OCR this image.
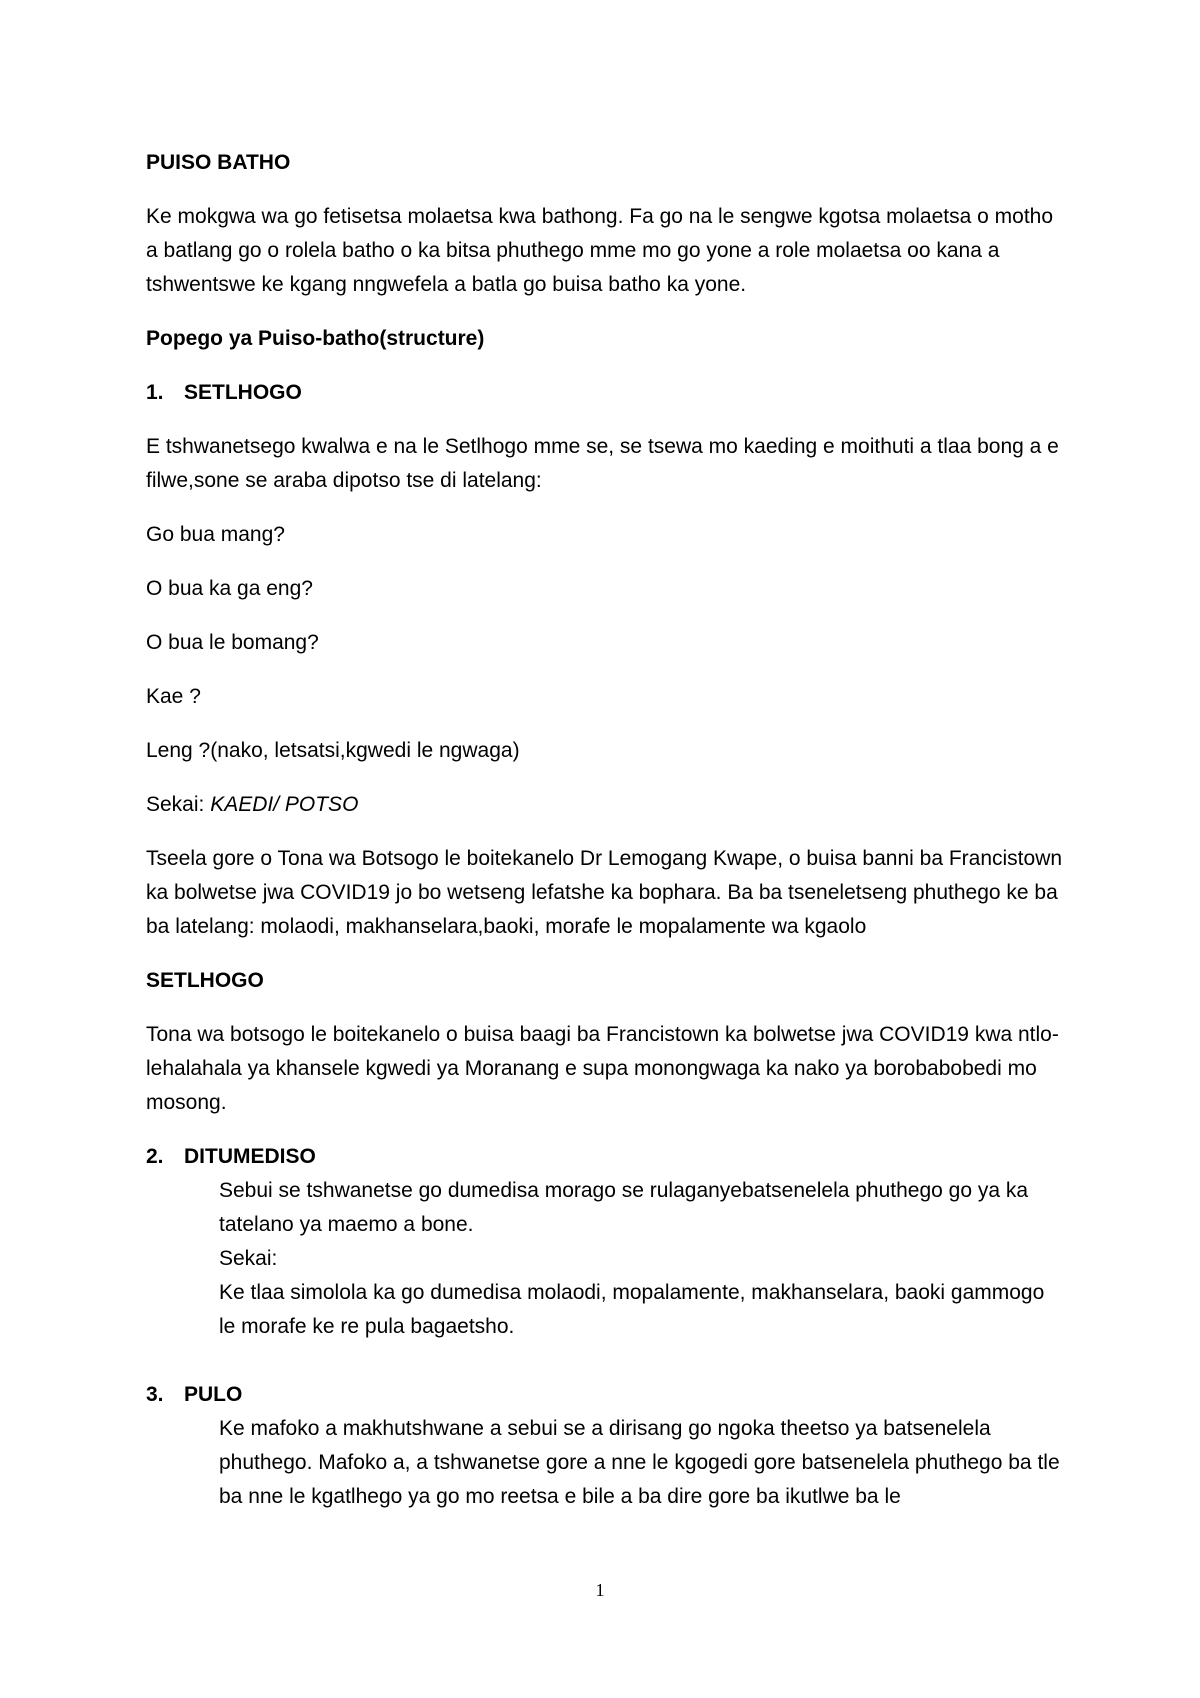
PUISO BATHO

Ke mokgwa wa go fetisetsa molaetsa kwa bathong. Fa go na le sengwe kgotsa molaetsa o motho a batlang go o rolela batho o ka bitsa phuthego mme mo go yone a role molaetsa oo kana a tshwentswe ke kgang nngwefela a batla go buisa batho ka yone.

Popego ya Puiso-batho(structure)

1. SETLHOGO

E tshwanetsego kwalwa e na le Setlhogo mme se, se tsewa mo kaeding e moithuti a tlaa bong a e filwe,sone se araba dipotso tse di latelang:

Go bua mang?

O bua ka ga eng?

O bua le bomang?

Kae ?

Leng ?(nako, letsatsi,kgwedi le ngwaga)

Sekai: KAEDI/ POTSO

Tseela gore o Tona wa Botsogo le boitekanelo Dr Lemogang Kwape, o buisa banni ba Francistown ka bolwetse jwa COVID19 jo bo wetseng lefatshe ka bophara. Ba ba tseneletseng phuthego ke ba ba latelang: molaodi, makhanselara,baoki, morafe le mopalamente wa kgaolo

SETLHOGO

Tona wa botsogo le boitekanelo o buisa baagi ba Francistown ka bolwetse jwa COVID19 kwa ntlo-lehalahala ya khansele kgwedi ya Moranang e supa monongwaga ka nako ya borobabobedi mo mosong.

2. DITUMEDISO

Sebui se tshwanetse go dumedisa morago se rulaganyebatsenelela phuthego go ya ka tatelano ya maemo a bone.

Sekai:

Ke tlaa simolola ka go dumedisa molaodi, mopalamente, makhanselara, baoki gammogo le morafe ke re pula bagaetsho.

3. PULO

Ke mafoko a makhutshwane a sebui se a dirisang go ngoka theetso ya batsenelela phuthego. Mafoko a, a tshwanetse gore a nne le kgogedi gore batsenelela phuthego ba tle ba nne le kgatlhego ya go mo reetsa e bile a ba dire gore ba ikutlwe ba le

1
